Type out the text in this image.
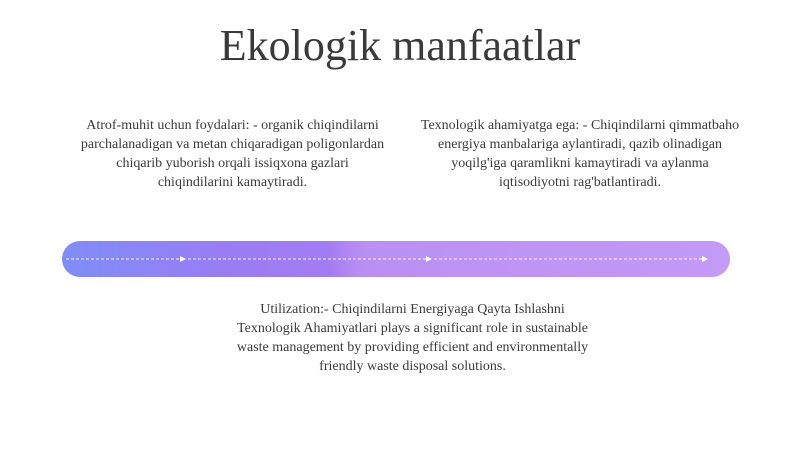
Ekologik manfaatlar
Atrof-muhit uchun foydalari: - organik chiqindilarni parchalanadigan va metan chiqaradigan poligonlardan chiqarib yuborish orqali issiqxona gazlari chiqindilarini kamaytiradi.
Texnologik ahamiyatga ega: - Chiqindilarni qimmatbaho energiya manbalariga aylantiradi, qazib olinadigan yoqilg'iga qaramlikni kamaytiradi va aylanma iqtisodiyotni rag'batlantiradi.
Utilization:- Chiqindilarni Energiyaga Qayta Ishlashni Texnologik Ahamiyatlari plays a significant role in sustainable waste management by providing efficient and environmentally friendly waste disposal solutions.
